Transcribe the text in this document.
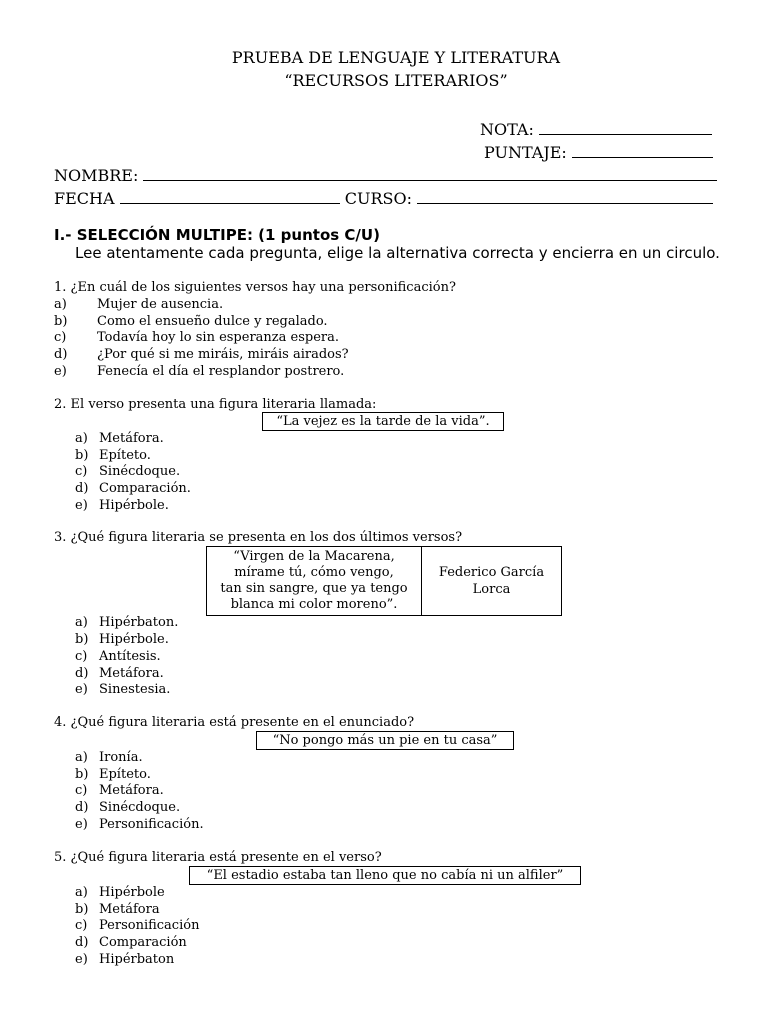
PRUEBA DE LENGUAJE Y LITERATURA
“RECURSOS LITERARIOS”
NOTA:
PUNTAJE:
NOMBRE:
FECHA	CURSO:
I.- SELECCIÓN MULTIPE: (1 puntos C/U)
Lee atentamente cada pregunta, elige la alternativa correcta y encierra en un circulo.
1. ¿En cuál de los siguientes versos hay una personificación?
a) Mujer de ausencia.
b) Como el ensueño dulce y regalado.
c) Todavía hoy lo sin esperanza espera.
d) ¿Por qué si me miráis, miráis airados?
e) Fenecía el día el resplandor postrero.
2. El verso presenta una figura literaria llamada:
“La vejez es la tarde de la vida”.
a) Metáfora.
b) Epíteto.
c) Sinécdoque.
d) Comparación.
e) Hipérbole.
3. ¿Qué figura literaria se presenta en los dos últimos versos?
“Virgen de la Macarena,
mírame tú, cómo vengo,
tan sin sangre, que ya tengo
blanca mi color moreno”.
Federico García
Lorca
a) Hipérbaton.
b) Hipérbole.
c) Antítesis.
d) Metáfora.
e) Sinestesia.
4. ¿Qué figura literaria está presente en el enunciado?
“No pongo más un pie en tu casa”
a) Ironía.
b) Epíteto.
c) Metáfora.
d) Sinécdoque.
e) Personificación.
5. ¿Qué figura literaria está presente en el verso?
“El estadio estaba tan lleno que no cabía ni un alfiler”
a) Hipérbole
b) Metáfora
c) Personificación
d) Comparación
e) Hipérbaton
